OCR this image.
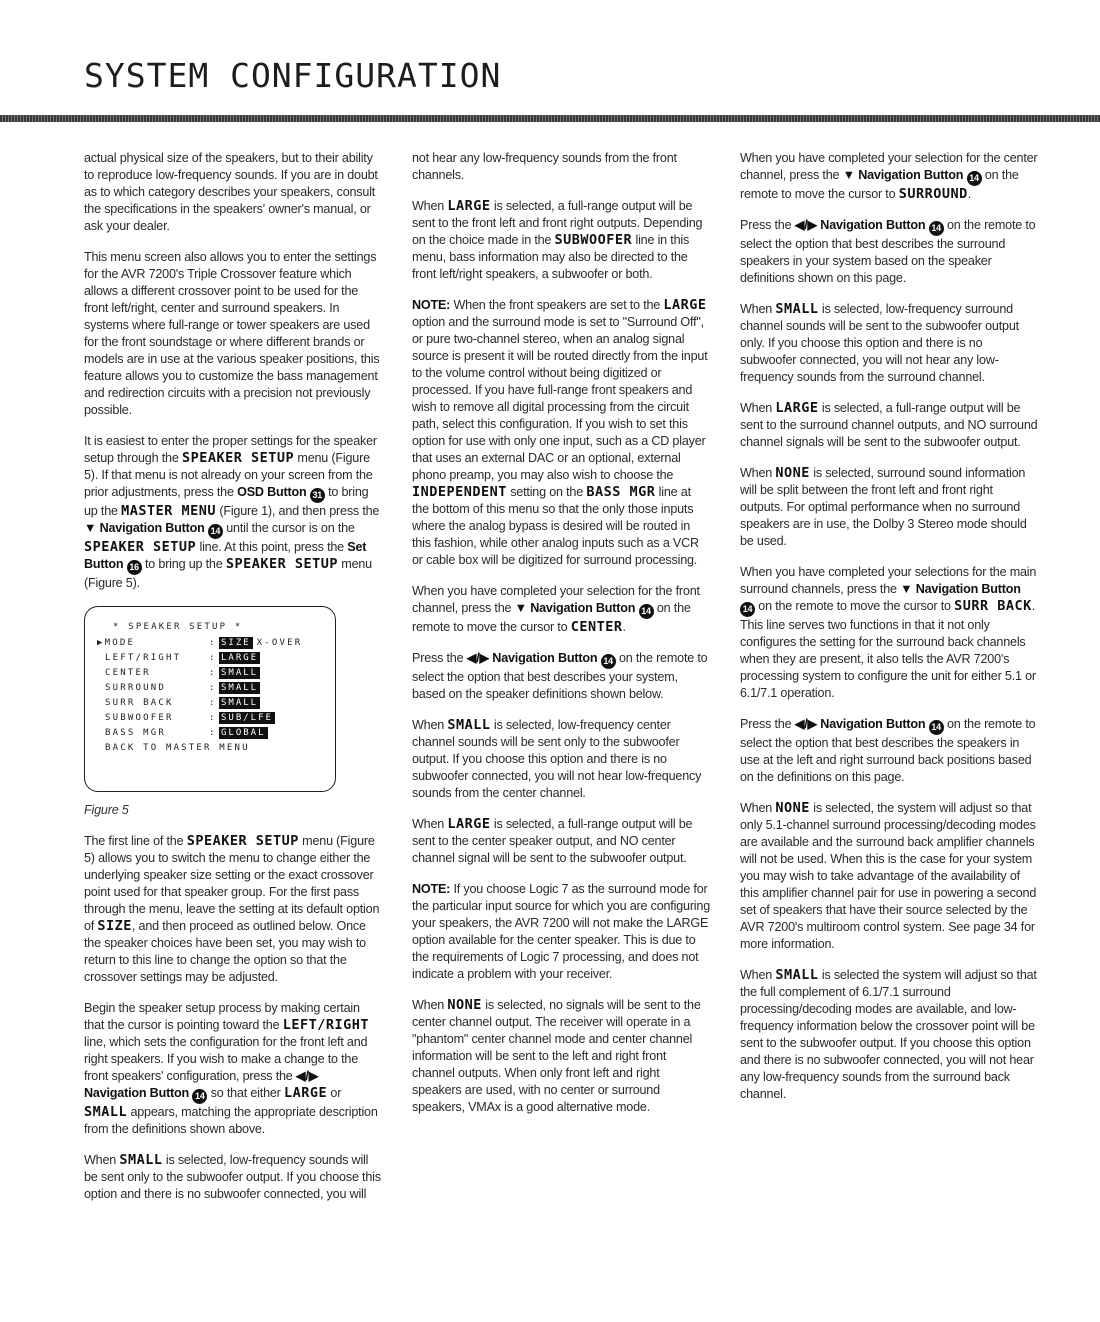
SYSTEM CONFIGURATION

actual physical size of the speakers, but to their ability to reproduce low-frequency sounds. If you are in doubt as to which category describes your speakers, consult the specifications in the speakers' owner's manual, or ask your dealer.

This menu screen also allows you to enter the settings for the AVR 7200's Triple Crossover feature which allows a different crossover point to be used for the front left/right, center and surround speakers. In systems where full-range or tower speakers are used for the front soundstage or where different brands or models are in use at the various speaker positions, this feature allows you to customize the bass management and redirection circuits with a precision not previously possible.

It is easiest to enter the proper settings for the speaker setup through the SPEAKER SETUP menu (Figure 5). If that menu is not already on your screen from the prior adjustments, press the OSD Button 31 to bring up the MASTER MENU (Figure 1), and then press the ▼ Navigation Button 14 until the cursor is on the SPEAKER SETUP line. At this point, press the Set Button 16 to bring up the SPEAKER SETUP menu (Figure 5).

* SPEAKER SETUP *
▶MODE	: SIZE X-OVER
LEFT/RIGHT	: LARGE
CENTER	: SMALL
SURROUND	: SMALL
SURR BACK	: SMALL
SUBWOOFER	: SUB/LFE
BASS MGR	: GLOBAL
BACK TO MASTER MENU

Figure 5

The first line of the SPEAKER SETUP menu (Figure 5) allows you to switch the menu to change either the underlying speaker size setting or the exact crossover point used for that speaker group. For the first pass through the menu, leave the setting at its default option of SIZE, and then proceed as outlined below. Once the speaker choices have been set, you may wish to return to this line to change the option so that the crossover settings may be adjusted.

Begin the speaker setup process by making certain that the cursor is pointing toward the LEFT/RIGHT line, which sets the configuration for the front left and right speakers. If you wish to make a change to the front speakers' configuration, press the ◀/▶ Navigation Button 14 so that either LARGE or SMALL appears, matching the appropriate description from the definitions shown above.

When SMALL is selected, low-frequency sounds will be sent only to the subwoofer output. If you choose this option and there is no subwoofer connected, you will

not hear any low-frequency sounds from the front channels.

When LARGE is selected, a full-range output will be sent to the front left and front right outputs. Depending on the choice made in the SUBWOOFER line in this menu, bass information may also be directed to the front left/right speakers, a subwoofer or both.

NOTE: When the front speakers are set to the LARGE option and the surround mode is set to "Surround Off", or pure two-channel stereo, when an analog signal source is present it will be routed directly from the input to the volume control without being digitized or processed. If you have full-range front speakers and wish to remove all digital processing from the circuit path, select this configuration. If you wish to set this option for use with only one input, such as a CD player that uses an external DAC or an optional, external phono preamp, you may also wish to choose the INDEPENDENT setting on the BASS MGR line at the bottom of this menu so that the only those inputs where the analog bypass is desired will be routed in this fashion, while other analog inputs such as a VCR or cable box will be digitized for surround processing.

When you have completed your selection for the front channel, press the ▼ Navigation Button 14 on the remote to move the cursor to CENTER.

Press the ◀/▶ Navigation Button 14 on the remote to select the option that best describes your system, based on the speaker definitions shown below.

When SMALL is selected, low-frequency center channel sounds will be sent only to the subwoofer output. If you choose this option and there is no subwoofer connected, you will not hear low-frequency sounds from the center channel.

When LARGE is selected, a full-range output will be sent to the center speaker output, and NO center channel signal will be sent to the subwoofer output.

NOTE: If you choose Logic 7 as the surround mode for the particular input source for which you are configuring your speakers, the AVR 7200 will not make the LARGE option available for the center speaker. This is due to the requirements of Logic 7 processing, and does not indicate a problem with your receiver.

When NONE is selected, no signals will be sent to the center channel output. The receiver will operate in a "phantom" center channel mode and center channel information will be sent to the left and right front channel outputs. When only front left and right speakers are used, with no center or surround speakers, VMAx is a good alternative mode.

When you have completed your selection for the center channel, press the ▼ Navigation Button 14 on the remote to move the cursor to SURROUND.

Press the ◀/▶ Navigation Button 14 on the remote to select the option that best describes the surround speakers in your system based on the speaker definitions shown on this page.

When SMALL is selected, low-frequency surround channel sounds will be sent to the subwoofer output only. If you choose this option and there is no subwoofer connected, you will not hear any low-frequency sounds from the surround channel.

When LARGE is selected, a full-range output will be sent to the surround channel outputs, and NO surround channel signals will be sent to the subwoofer output.

When NONE is selected, surround sound information will be split between the front left and front right outputs. For optimal performance when no surround speakers are in use, the Dolby 3 Stereo mode should be used.

When you have completed your selections for the main surround channels, press the ▼ Navigation Button 14 on the remote to move the cursor to SURR BACK. This line serves two functions in that it not only configures the setting for the surround back channels when they are present, it also tells the AVR 7200's processing system to configure the unit for either 5.1 or 6.1/7.1 operation.

Press the ◀/▶ Navigation Button 14 on the remote to select the option that best describes the speakers in use at the left and right surround back positions based on the definitions on this page.

When NONE is selected, the system will adjust so that only 5.1-channel surround processing/decoding modes are available and the surround back amplifier channels will not be used. When this is the case for your system you may wish to take advantage of the availability of this amplifier channel pair for use in powering a second set of speakers that have their source selected by the AVR 7200's multiroom control system. See page 34 for more information.

When SMALL is selected the system will adjust so that the full complement of 6.1/7.1 surround processing/decoding modes are available, and low-frequency information below the crossover point will be sent to the subwoofer output. If you choose this option and there is no subwoofer connected, you will not hear any low-frequency sounds from the surround back channel.
